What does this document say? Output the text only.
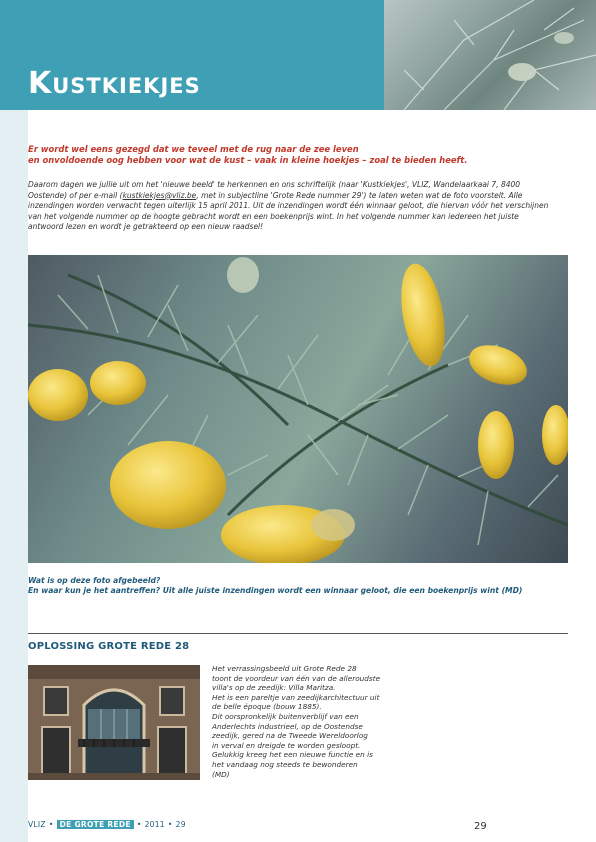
Kustkiekjes

Er wordt wel eens gezegd dat we teveel met de rug naar de zee leven
en onvoldoende oog hebben voor wat de kust – vaak in kleine hoekjes – zoal te bieden heeft.

Daarom dagen we jullie uit om het 'nieuwe beeld' te herkennen en ons schriftelijk (naar 'Kustkiekjes', VLIZ, Wandelaarkaai 7, 8400 Oostende) of per e-mail (kustkiekjes@vliz.be, met in subjectline 'Grote Rede nummer 29') te laten weten wat de foto voorstelt. Alle inzendingen worden verwacht tegen uiterlijk 15 april 2011. Uit de inzendingen wordt één winnaar geloot, die hiervan vóór het verschijnen van het volgende nummer op de hoogte gebracht wordt en een boekenprijs wint. In het volgende nummer kan iedereen het juiste antwoord lezen en wordt je getrakteerd op een nieuw raadsel!

Wat is op deze foto afgebeeld?
En waar kun je het aantreffen? Uit alle juiste inzendingen wordt een winnaar geloot, die een boekenprijs wint (MD)

OPLOSSING GROTE REDE 28

Het verrassingsbeeld uit Grote Rede 28
toont de voordeur van één van de alleroudste
villa's op de zeedijk: Villa Maritza.
Het is een pareltje van zeedijkarchitectuur uit
de belle époque (bouw 1885).
Dit oorspronkelijk buitenverblijf van een
Anderlechts industrieel, op de Oostendse
zeedijk, gered na de Tweede Wereldoorlog
in verval en dreigde te worden gesloopt.
Gelukkig kreeg het een nieuwe functie en is
het vandaag nog steeds te bewonderen
(MD)

VLIZ • DE GROTE REDE • 2011 • 29	29
